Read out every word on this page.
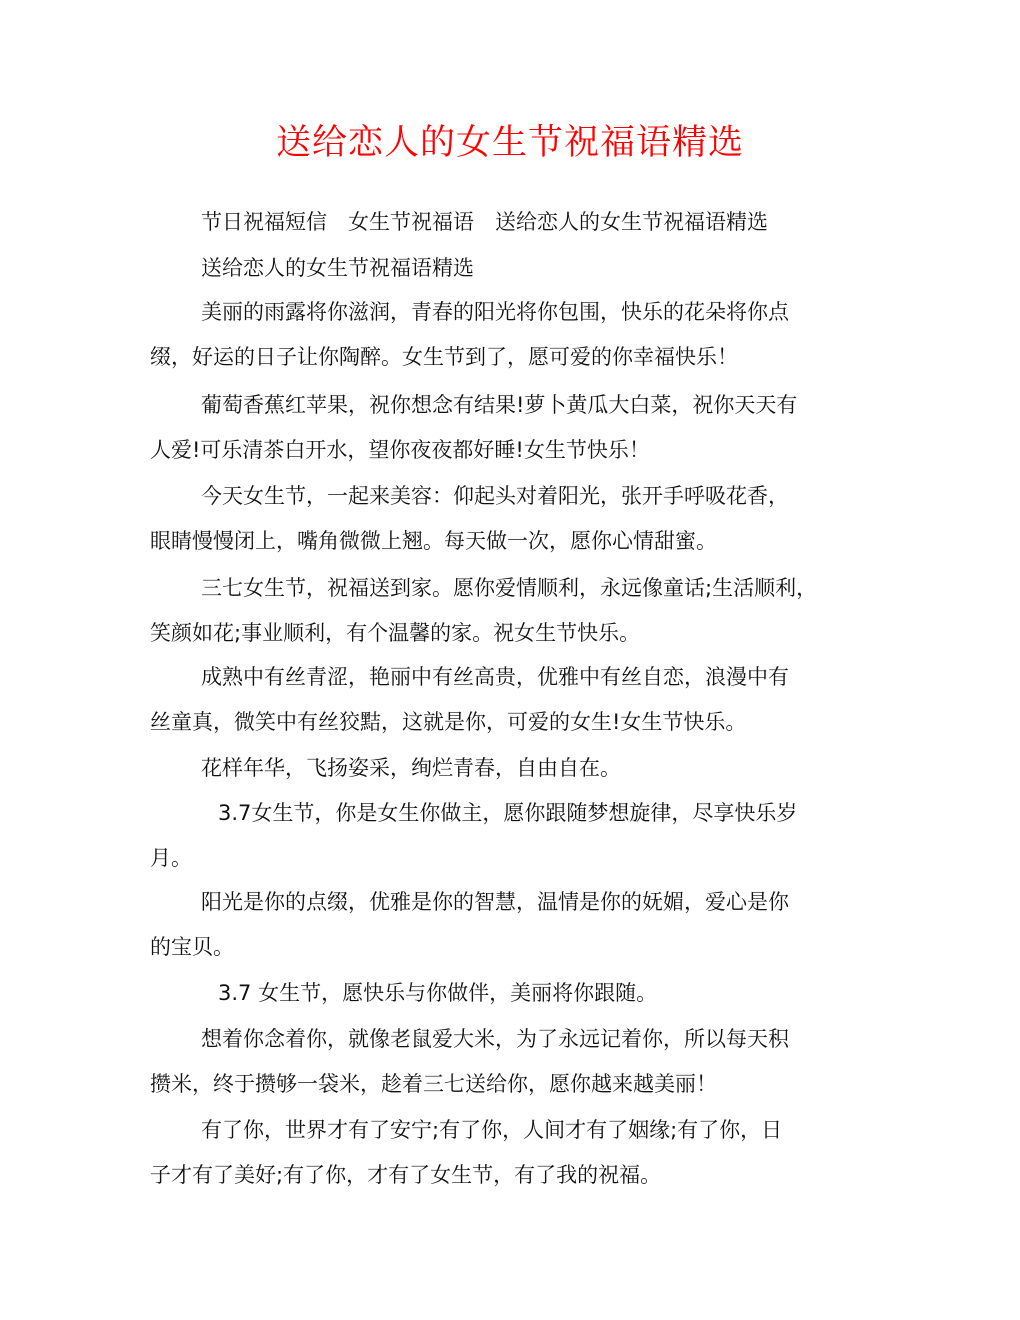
送给恋人的女生节祝福语精选
节日祝福短信　女生节祝福语　送给恋人的女生节祝福语精选
送给恋人的女生节祝福语精选
美丽的雨露将你滋润，青春的阳光将你包围，快乐的花朵将你点
缀，好运的日子让你陶醉。女生节到了，愿可爱的你幸福快乐！
葡萄香蕉红苹果，祝你想念有结果!萝卜黄瓜大白菜，祝你天天有
人爱!可乐清茶白开水，望你夜夜都好睡!女生节快乐！
今天女生节，一起来美容：仰起头对着阳光，张开手呼吸花香，
眼睛慢慢闭上，嘴角微微上翘。每天做一次，愿你心情甜蜜。
三七女生节，祝福送到家。愿你爱情顺利，永远像童话;生活顺利，
笑颜如花;事业顺利，有个温馨的家。祝女生节快乐。
成熟中有丝青涩，艳丽中有丝高贵，优雅中有丝自恋，浪漫中有
丝童真，微笑中有丝狡黠，这就是你，可爱的女生!女生节快乐。
花样年华，飞扬姿采，绚烂青春，自由自在。
3.7女生节，你是女生你做主，愿你跟随梦想旋律，尽享快乐岁
月。
阳光是你的点缀，优雅是你的智慧，温情是你的妩媚，爱心是你
的宝贝。
3.7 女生节，愿快乐与你做伴，美丽将你跟随。
想着你念着你，就像老鼠爱大米，为了永远记着你，所以每天积
攒米，终于攒够一袋米，趁着三七送给你，愿你越来越美丽！
有了你，世界才有了安宁;有了你，人间才有了姻缘;有了你，日
子才有了美好;有了你，才有了女生节，有了我的祝福。
